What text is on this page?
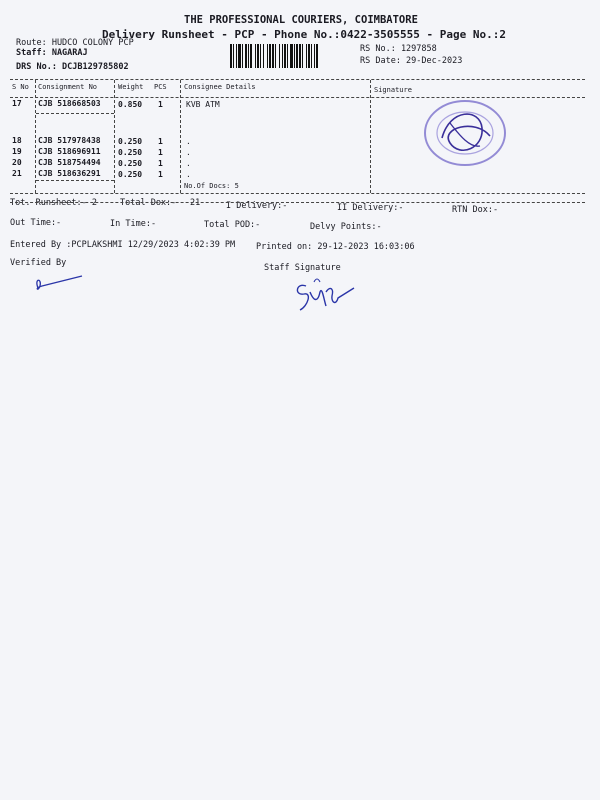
THE PROFESSIONAL COURIERS, COIMBATORE
Delivery Runsheet - PCP - Phone No.:0422-3505555 - Page No.:2
Route: HUDCO COLONY PCP
Staff: NAGARAJ
DRS No.: DCJB129785802
RS No.: 1297858
RS Date: 29-Dec-2023
S No Consignment No	Weight PCS Consignee Details	Signature
17 CJB 518668503 0.850 1	KVB ATM
18 CJB 517978438 0.250 1	.
19 CJB 518696911 0.250 1	.
20 CJB 518754494 0.250 1	.
21 CJB 518636291 0.250 1	.
No.Of Docs: 5
Tot. Runsheet:- 2	Total Dox:- 21	I Delivery:-	II Delivery:-	RTN Dox:-
Out Time:-	In Time:-	Total POD:-	Delvy Points:-
Entered By :PCPLAKSHMI 12/29/2023 4:02:39 PM Printed on: 29-12-2023 16:03:06
Verified By	Staff Signature
